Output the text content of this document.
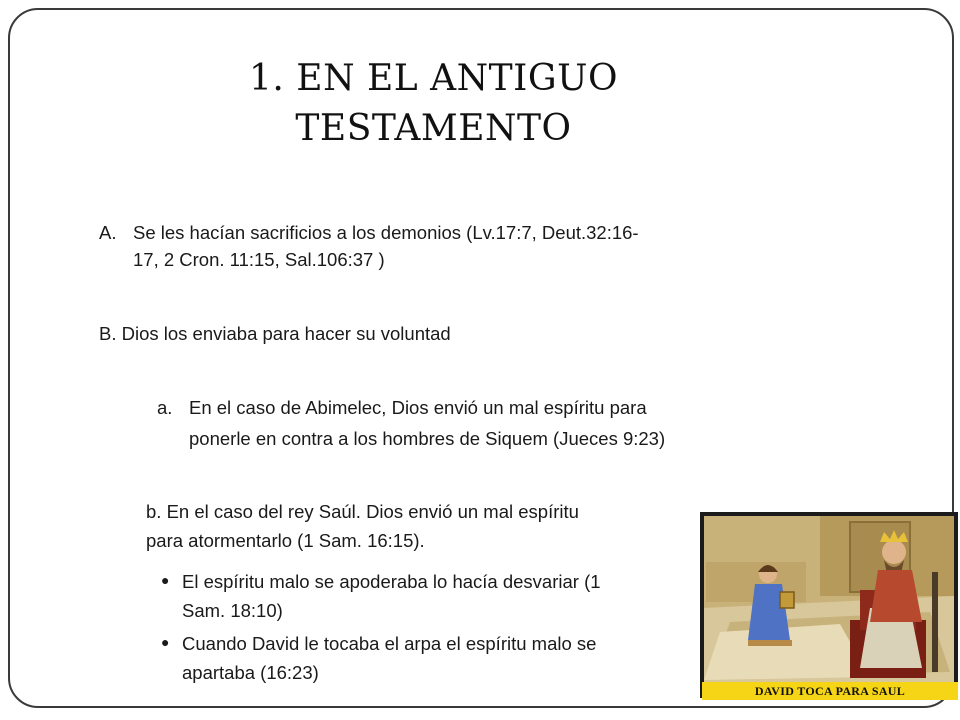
1. EN EL ANTIGUO
TESTAMENTO
A. Se les hacían sacrificios a los demonios (Lv.17:7, Deut.32:16-
17, 2 Cron. 11:15, Sal.106:37 )
B. Dios los enviaba para hacer su voluntad
a. En el caso de Abimelec, Dios envió un mal espíritu para
ponerle en contra a los hombres de Siquem (Jueces 9:23)
b. En el caso del rey Saúl. Dios envió un mal espíritu
para atormentarlo (1 Sam. 16:15).
● El espíritu malo se apoderaba lo hacía desvariar (1
Sam. 18:10)
● Cuando David le tocaba el arpa el espíritu malo se
apartaba (16:23)
DAVID TOCA PARA SAUL
